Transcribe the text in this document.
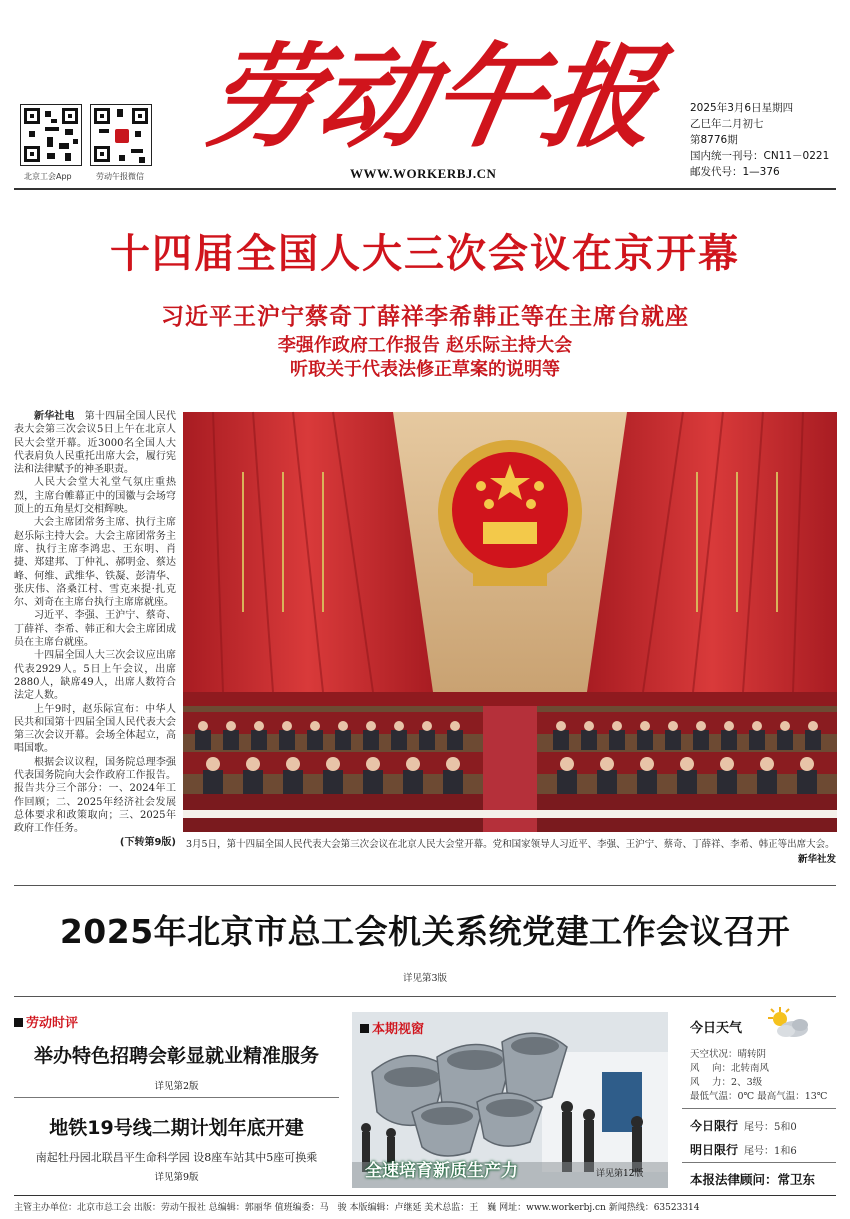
北京工会App	劳动午报微信
劳动午报
WWW.WORKERBJ.CN
2025年3月6日星期四
乙巳年二月初七
第8776期
国内统一刊号：CN11－0221
邮发代号：1—376
十四届全国人大三次会议在京开幕
习近平王沪宁蔡奇丁薛祥李希韩正等在主席台就座
李强作政府工作报告 赵乐际主持大会
听取关于代表法修正草案的说明等

新华社电　 第十四届全国人民代表大会第三次会议5日上午在北京人民大会堂开幕。近3000名全国人大代表肩负人民重托出席大会，履行宪法和法律赋予的神圣职责。

人民大会堂大礼堂气氛庄重热烈，主席台帷幕正中的国徽与会场穹顶上的五角星灯交相辉映。

大会主席团常务主席、执行主席赵乐际主持大会。大会主席团常务主席、执行主席李鸿忠、王东明、肖捷、郑建邦、丁仲礼、郝明金、蔡达峰、何维、武维华、铁凝、彭清华、张庆伟、洛桑江村、雪克来提·扎克尔、刘奇在主席台执行主席席就座。

习近平、李强、王沪宁、蔡奇、丁薛祥、李希、韩正和大会主席团成员在主席台就座。

十四届全国人大三次会议应出席代表2929人。5日上午会议，出席2880人，缺席49人，出席人数符合法定人数。

上午9时，赵乐际宣布：中华人民共和国第十四届全国人民代表大会第三次会议开幕。会场全体起立，高唱国歌。

根据会议议程，国务院总理李强代表国务院向大会作政府工作报告。报告共分三个部分：一、2024年工作回顾；二、2025年经济社会发展总体要求和政策取向；三、2025年政府工作任务。

(下转第9版) 3月5日，第十四届全国人民代表大会第三次会议在北京人民大会堂开幕。党和国家领导人习近平、李强、王沪宁、蔡奇、丁薛祥、李希、韩正等出席大会。
新华社发
2025年北京市总工会机关系统党建工作会议召开
详见第3版
劳动时评
举办特色招聘会彰显就业精准服务
详见第2版
地铁19号线二期计划年底开建
南起牡丹园北联昌平生命科学园 设8座车站其中5座可换乘
详见第9版
本期视窗
全速培育新质生产力	详见第12版
今日天气
天空状况：晴转阴
风　 向：北转南风
风　 力：2、3级
最低气温：0℃ 最高气温：13℃
今日限行 尾号：5和0
明日限行 尾号：1和6
本报法律顾问：常卫东
主管主办单位：北京市总工会 出版：劳动午报社 总编辑：郭丽华 值班编委：马　骏 本版编辑：卢继延 美术总监：王　巍 网址：www.workerbj.cn 新闻热线：63523314
